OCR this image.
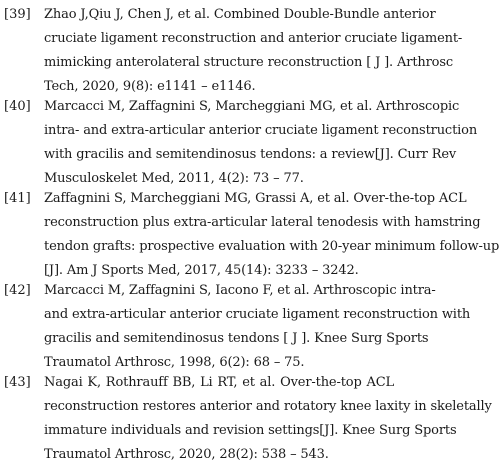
[39]	Zhao J,Qiu J, Chen J, et al. Combined Double-Bundle anterior
cruciate ligament reconstruction and anterior cruciate ligament-
mimicking anterolateral structure reconstruction [ J ]. Arthrosc
Tech, 2020, 9(8): e1141 – e1146.
[40]	Marcacci M, Zaffagnini S, Marcheggiani MG, et al. Arthroscopic
intra- and extra-articular anterior cruciate ligament reconstruction
with gracilis and semitendinosus tendons: a review[J]. Curr Rev
Musculoskelet Med, 2011, 4(2): 73 – 77.
[41]	Zaffagnini S, Marcheggiani MG, Grassi A, et al. Over-the-top ACL
reconstruction plus extra-articular lateral tenodesis with hamstring
tendon grafts: prospective evaluation with 20-year minimum follow-up
[J]. Am J Sports Med, 2017, 45(14): 3233 – 3242.
[42]	Marcacci M, Zaffagnini S, Iacono F, et al. Arthroscopic intra-
and extra-articular anterior cruciate ligament reconstruction with
gracilis and semitendinosus tendons [ J ]. Knee Surg Sports
Traumatol Arthrosc, 1998, 6(2): 68 – 75.
[43]	Nagai K, Rothrauff BB, Li RT, et al. Over-the-top ACL
reconstruction restores anterior and rotatory knee laxity in skeletally
immature individuals and revision settings[J]. Knee Surg Sports
Traumatol Arthrosc, 2020, 28(2): 538 – 543.
